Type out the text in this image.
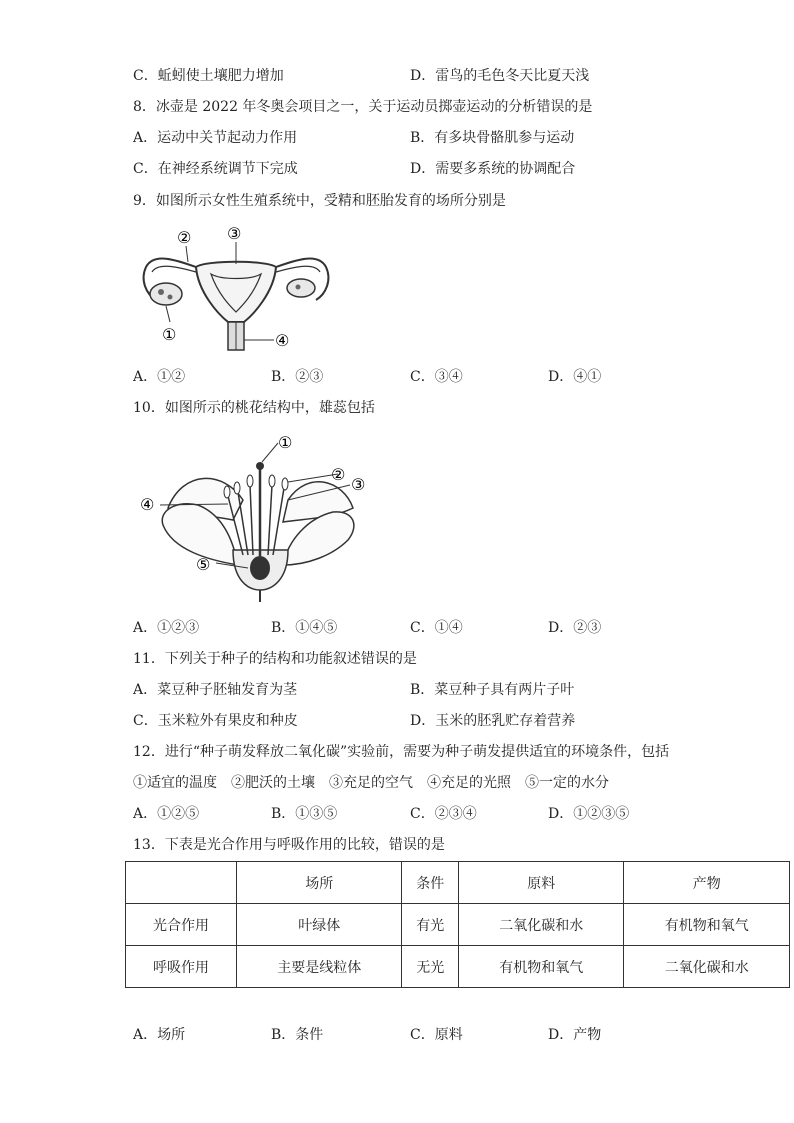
C．蚯蚓使土壤肥力增加	D．雷鸟的毛色冬天比夏天浅
8．冰壶是 2022 年冬奥会项目之一，关于运动员掷壶运动的分析错误的是
A．运动中关节起动力作用	B．有多块骨骼肌参与运动
C．在神经系统调节下完成	D．需要多系统的协调配合
9．如图所示女性生殖系统中，受精和胚胎发育的场所分别是
② ③
①	④
A．①②	B．②③	C．③④	D．④①
10．如图所示的桃花结构中，雄蕊包括
①
②
③
④
⑤
A．①②③	B．①④⑤	C．①④	D．②③
11．下列关于种子的结构和功能叙述错误的是
A．菜豆种子胚轴发育为茎	B．菜豆种子具有两片子叶
C．玉米粒外有果皮和种皮	D．玉米的胚乳贮存着营养
12．进行“种子萌发释放二氧化碳”实验前，需要为种子萌发提供适宜的环境条件，包括
①适宜的温度　②肥沃的土壤　③充足的空气　④充足的光照　⑤一定的水分
A．①②⑤	B．①③⑤	C．②③④	D．①②③⑤
13．下表是光合作用与呼吸作用的比较，错误的是
	场所	条件	原料	产物
光合作用	叶绿体	有光	二氧化碳和水	有机物和氧气
呼吸作用	主要是线粒体	无光	有机物和氧气	二氧化碳和水
A．场所	B．条件	C．原料	D．产物
